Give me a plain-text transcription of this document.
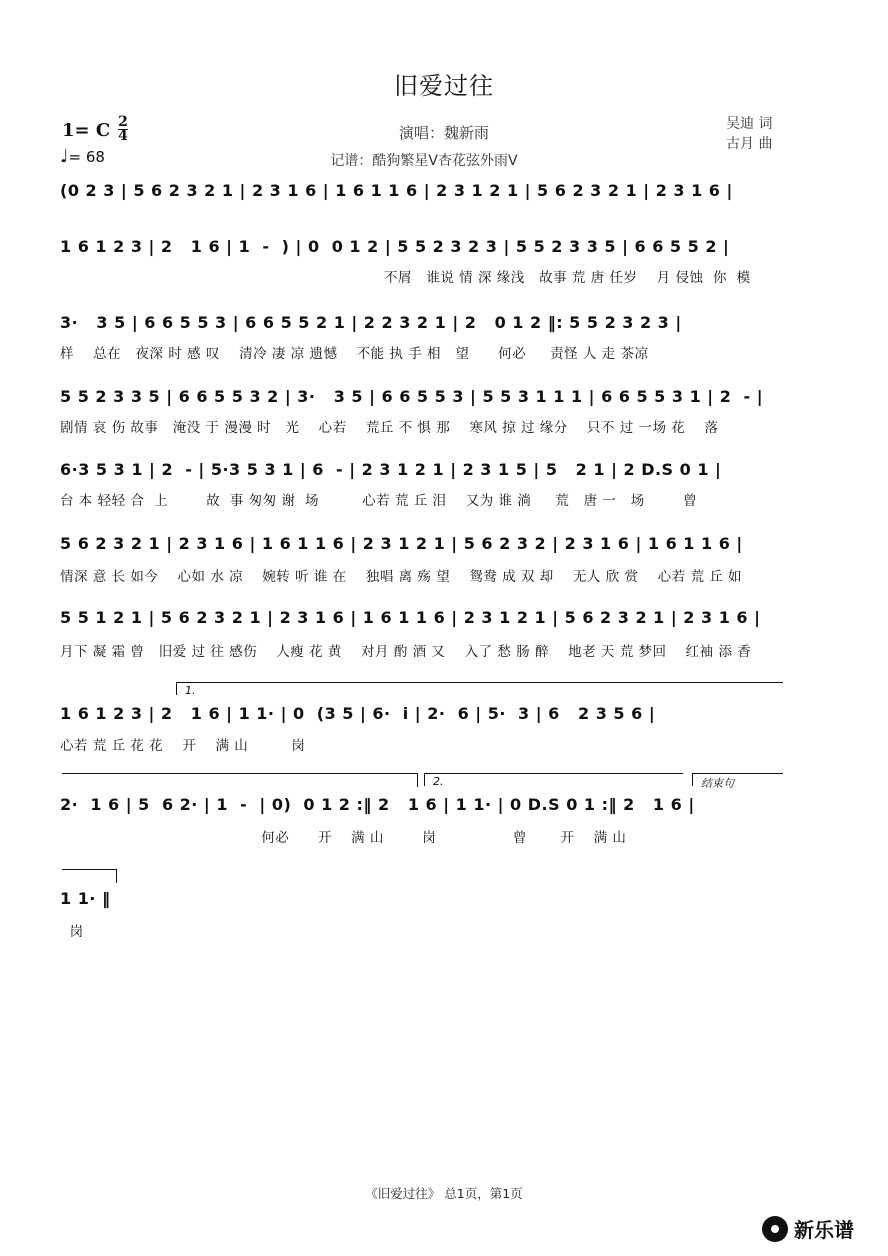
旧爱过往
1= C 2
4
♩= 68
演唱：魏新雨
记谱：酷狗繁星V杏花弦外雨V
吴迪 词
古月 曲
(0 2 3 | 5 6 2 3 2 1 | 2 3 1 6 | 1 6 1 1 6 | 2 3 1 2 1 | 5 6 2 3 2 1 | 2 3 1 6 |
1 6 1 2 3 | 2   1 6 | 1  -  ) | 0  0 1 2 | 5 5 2 3 2 3 | 5 5 2 3 3 5 | 6 6 5 5 2 |
不屑   谁说 情 深 缘浅   故事 荒 唐 任岁    月 侵蚀  你  模
3·   3 5 | 6 6 5 5 3 | 6 6 5 5 2 1 | 2 2 3 2 1 | 2   0 1 2 ‖: 5 5 2 3 2 3 |
样    总在   夜深 时 感 叹    清冷 凄 凉 遗憾    不能 执 手 相   望      何必     责怪 人 走 茶凉
5 5 2 3 3 5 | 6 6 5 5 3 2 | 3·   3 5 | 6 6 5 5 3 | 5 5 3 1 1 1 | 6 6 5 5 3 1 | 2  - |
剧情 哀 伤 故事   淹没 于 漫漫 时   光    心若    荒丘 不 惧 那    寒风 掠 过 缘分    只不 过 一场 花    落
6·3 5 3 1 | 2  - | 5·3 5 3 1 | 6  - | 2 3 1 2 1 | 2 3 1 5 | 5   2 1 | 2 D.S 0 1 |
台 本 轻轻 合  上        故  事 匆匆 谢  场         心若 荒 丘 泪    又为 谁 淌     荒   唐 一   场        曾
5 6 2 3 2 1 | 2 3 1 6 | 1 6 1 1 6 | 2 3 1 2 1 | 5 6 2 3 2 | 2 3 1 6 | 1 6 1 1 6 |
情深 意 长 如今    心如 水 凉    婉转 听 谁 在    独唱 离 殇 望    鸳鸯 成 双 却    无人 欣 赏    心若 荒 丘 如
5 5 1 2 1 | 5 6 2 3 2 1 | 2 3 1 6 | 1 6 1 1 6 | 2 3 1 2 1 | 5 6 2 3 2 1 | 2 3 1 6 |
月下 凝 霜 曾   旧爱 过 往 感伤    人瘦 花 黄    对月 酌 酒 又    入了 愁 肠 醉    地老 天 荒 梦回    红袖 添 香
1.
1 6 1 2 3 | 2   1 6 | 1 1· | 0  (3 5 | 6·  i | 2·  6 | 5·  3 | 6   2 3 5 6 |
心若 荒 丘 花 花    开    满 山         岗
2.	结束句
2·  1 6 | 5  6 2· | 1  -  | 0)  0 1 2 :‖ 2   1 6 | 1 1· | 0 D.S 0 1 :‖ 2   1 6 |
何必      开    满 山        岗                曾       开    满 山
1 1· ‖
岗
《旧爱过往》 总1页，第1页
新乐谱
